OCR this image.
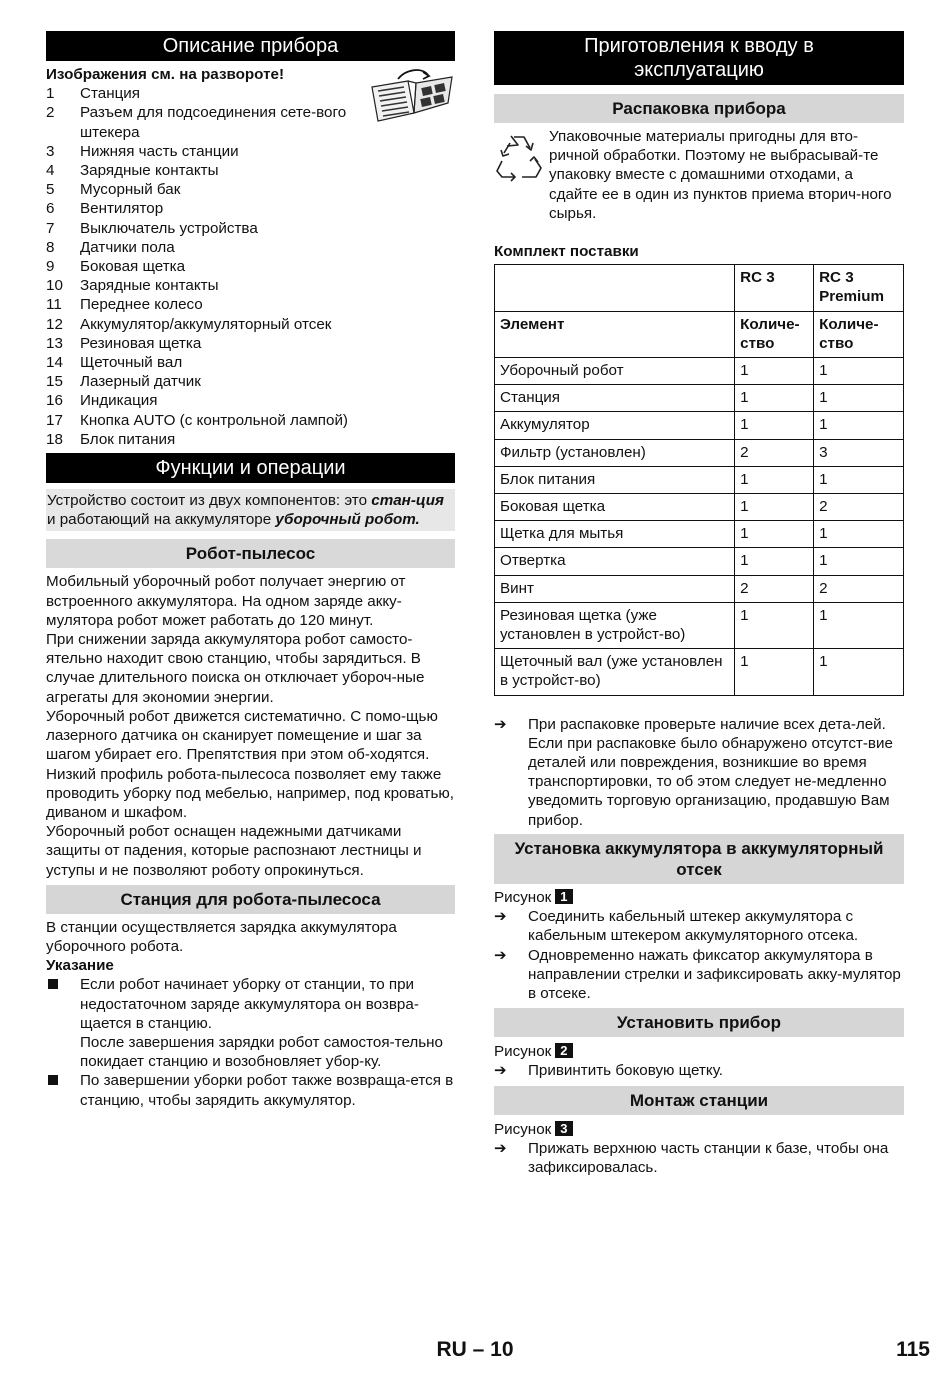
Описание прибора
Изображения см. на развороте!
1	Станция
2	Разъем для подсоединения сете-вого штекера
3	Нижняя часть станции
4	Зарядные контакты
5	Мусорный бак
6	Вентилятор
7	Выключатель устройства
8	Датчики пола
9	Боковая щетка
10	Зарядные контакты
11	Переднее колесо
12	Аккумулятор/аккумуляторный отсек
13	Резиновая щетка
14	Щеточный вал
15	Лазерный датчик
16	Индикация
17	Кнопка AUTO (с контрольной лампой)
18	Блок питания
Функции и операции
Устройство состоит из двух компонентов: это стан-ция и работающий на аккумуляторе уборочный робот.
Робот-пылесос

Мобильный уборочный робот получает энергию от встроенного аккумулятора. На одном заряде акку-мулятора робот может работать до 120 минут.

При снижении заряда аккумулятора робот самосто-ятельно находит свою станцию, чтобы зарядиться. В случае длительного поиска он отключает убороч-ные агрегаты для экономии энергии.

Уборочный робот движется систематично. С помо-щью лазерного датчика он сканирует помещение и шаг за шагом убирает его. Препятствия при этом об-ходятся.

Низкий профиль робота-пылесоса позволяет ему также проводить уборку под мебелью, например, под кроватью, диваном и шкафом.

Уборочный робот оснащен надежными датчиками защиты от падения, которые распознают лестницы и уступы и не позволяют роботу опрокинуться.

Станция для робота-пылесоса

В станции осуществляется зарядка аккумулятора уборочного робота.

Указание
Если робот начинает уборку от станции, то при недостаточном заряде аккумулятора он возвра-щается в станцию.
После завершения зарядки робот самостоя-тельно покидает станцию и возобновляет убор-ку.
По завершении уборки робот также возвраща-ется в станцию, чтобы зарядить аккумулятор.
Приготовления к вводу в эксплуатацию
Распаковка прибора
Упаковочные материалы пригодны для вто-ричной обработки. Поэтому не выбрасывай-те упаковку вместе с домашними отходами, а сдайте ее в один из пунктов приема вторич-ного сырья.
Комплект поставки
	RC 3	RC 3 Premium
Элемент	Количе-ство	Количе-ство
Уборочный робот	1	1
Станция	1	1
Аккумулятор	1	1
Фильтр (установлен)	2	3
Блок питания	1	1
Боковая щетка	1	2
Щетка для мытья	1	1
Отвертка	1	1
Винт	2	2
Резиновая щетка (уже установлен в устройст-во)	1	1
Щеточный вал (уже установлен в устройст-во)	1	1
➔	При распаковке проверьте наличие всех дета-лей.
Если при распаковке было обнаружено отсутст-вие деталей или повреждения, возникшие во время транспортировки, то об этом следует не-медленно уведомить торговую организацию, продавшую Вам прибор.
Установка аккумулятора в аккумуляторный отсек
Рисунок 1
➔	Соединить кабельный штекер аккумулятора с кабельным штекером аккумуляторного отсека.
➔	Одновременно нажать фиксатор аккумулятора в направлении стрелки и зафиксировать акку-мулятор в отсеке.
Установить прибор
Рисунок 2
➔	Привинтить боковую щетку.
Монтаж станции
Рисунок 3
➔	Прижать верхнюю часть станции к базе, чтобы она зафиксировалась.
RU – 10	115
